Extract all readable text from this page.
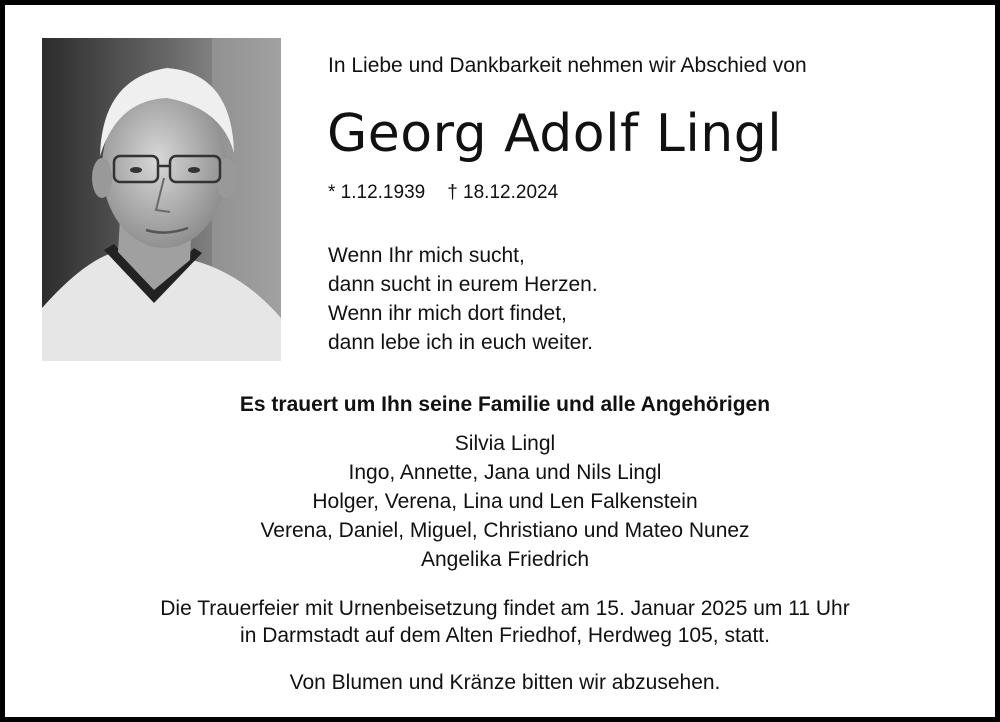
In Liebe und Dankbarkeit nehmen wir Abschied von
Georg Adolf Lingl
* 1.12.1939 † 18.12.2024
Wenn Ihr mich sucht,
dann sucht in eurem Herzen.
Wenn ihr mich dort findet,
dann lebe ich in euch weiter.
Es trauert um Ihn seine Familie und alle Angehörigen
Silvia Lingl
Ingo, Annette, Jana und Nils Lingl
Holger, Verena, Lina und Len Falkenstein
Verena, Daniel, Miguel, Christiano und Mateo Nunez
Angelika Friedrich
Die Trauerfeier mit Urnenbeisetzung findet am 15. Januar 2025 um 11 Uhr
in Darmstadt auf dem Alten Friedhof, Herdweg 105, statt.
Von Blumen und Kränze bitten wir abzusehen.
